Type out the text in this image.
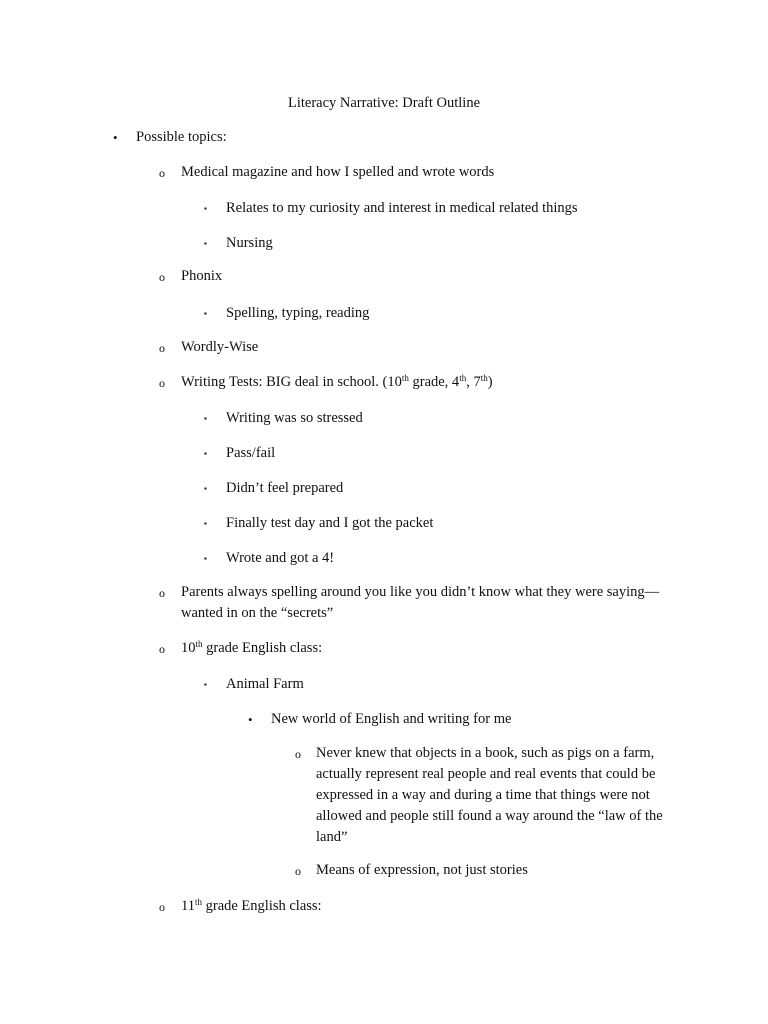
Literacy Narrative: Draft Outline
• Possible topics:
o Medical magazine and how I spelled and wrote words
▪ Relates to my curiosity and interest in medical related things
▪ Nursing
o Phonix
▪ Spelling, typing, reading
o Wordly-Wise
o Writing Tests: BIG deal in school. (10th grade, 4th, 7th)
▪ Writing was so stressed
▪ Pass/fail
▪ Didn’t feel prepared
▪ Finally test day and I got the packet
▪ Wrote and got a 4!
o Parents always spelling around you like you didn’t know what they were saying—
wanted in on the “secrets”
o 10th grade English class:
▪ Animal Farm
• New world of English and writing for me
o Never knew that objects in a book, such as pigs on a farm, actually represent real people and real events that could be expressed in a way and during a time that things were not allowed and people still found a way around the “law of the land”
o Means of expression, not just stories
o 11th grade English class:
